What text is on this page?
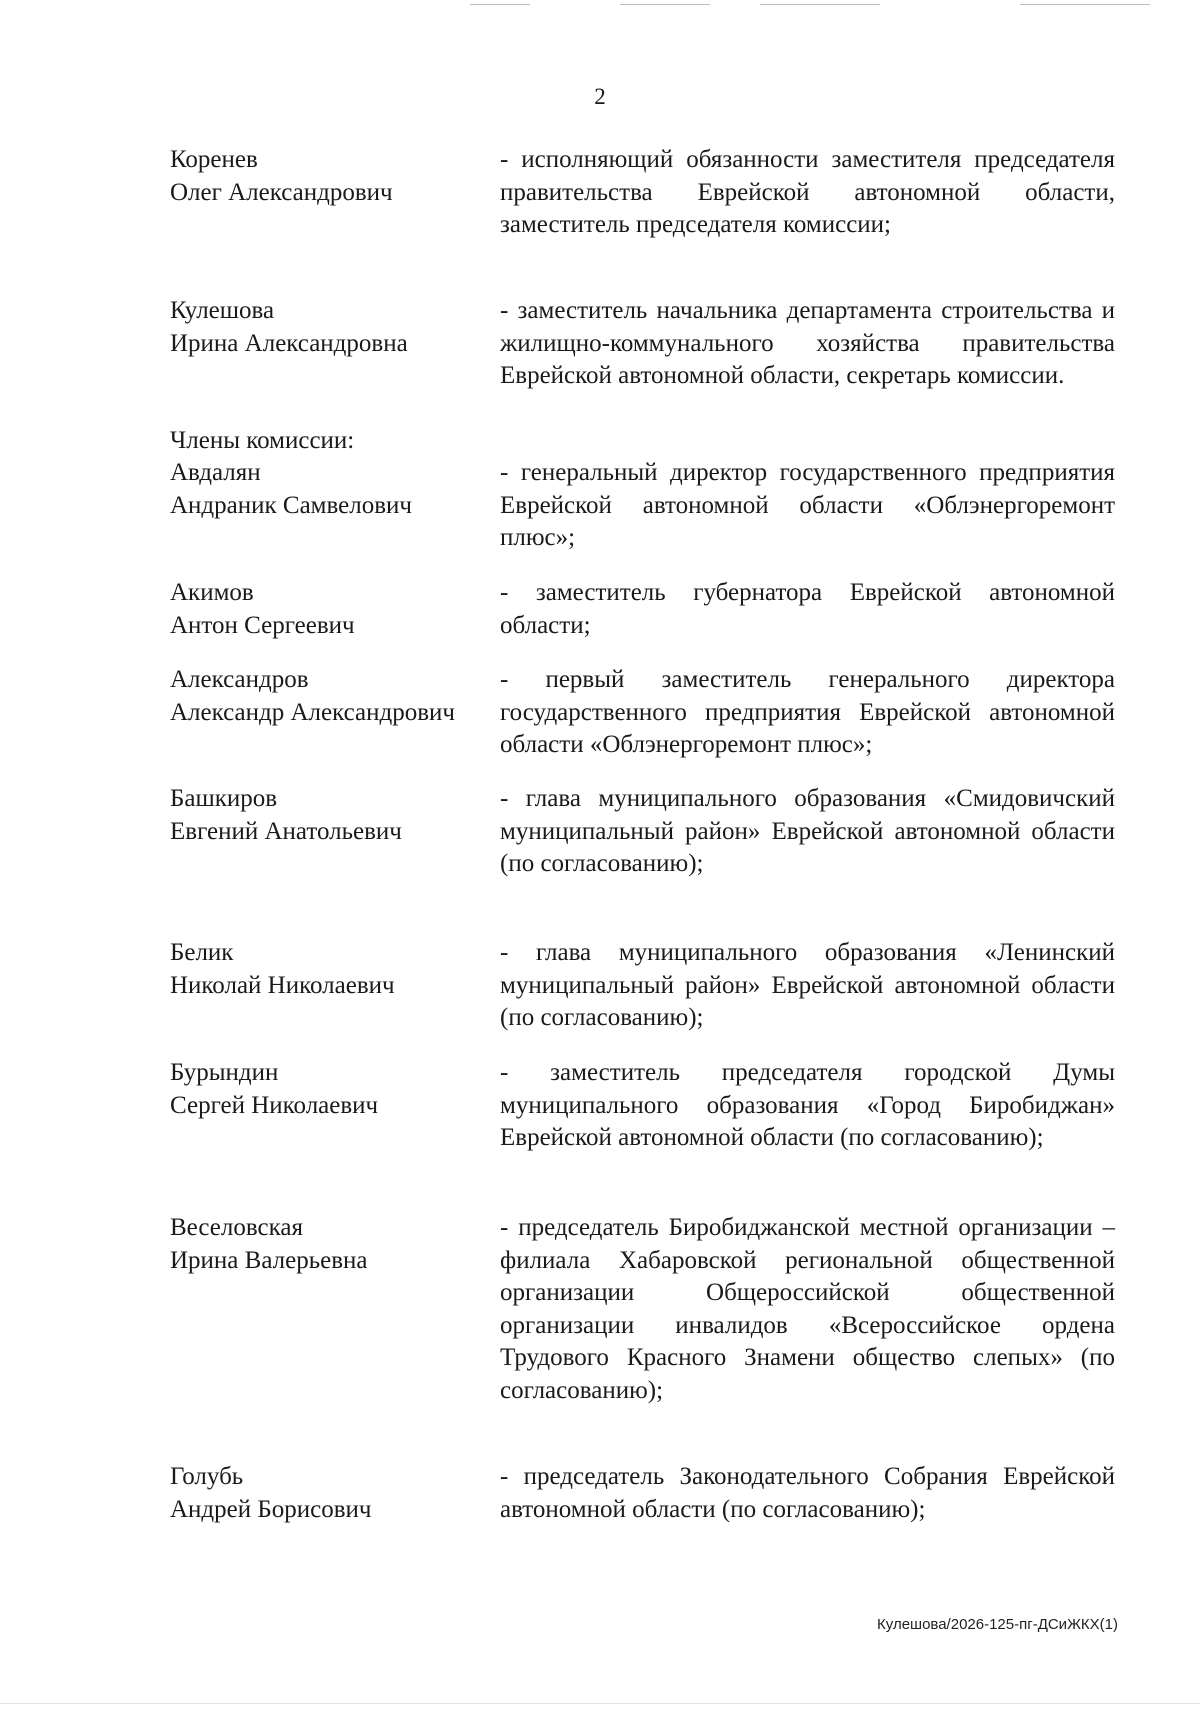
2
Коренев
Олег Александрович
- исполняющий обязанности заместителя председателя правительства Еврейской автономной области, заместитель председателя комиссии;
Кулешова
Ирина Александровна
- заместитель начальника департамента строительства и жилищно-коммунального хозяйства правительства Еврейской автономной области, секретарь комиссии.
Члены комиссии:
Авдалян
Андраник Самвелович
- генеральный директор государственного предприятия Еврейской автономной области «Облэнергоремонт плюс»;
Акимов
Антон Сергеевич
- заместитель губернатора Еврейской автономной области;
Александров
Александр Александрович
- первый заместитель генерального директора государственного предприятия Еврейской автономной области «Облэнергоремонт плюс»;
Башкиров
Евгений Анатольевич
- глава муниципального образования «Смидовичский муниципальный район» Еврейской автономной области (по согласованию);
Белик
Николай Николаевич
- глава муниципального образования «Ленинский муниципальный район» Еврейской автономной области (по согласованию);
Бурындин
Сергей Николаевич
- заместитель председателя городской Думы муниципального образования «Город Биробиджан» Еврейской автономной области (по согласованию);
Веселовская
Ирина Валерьевна
- председатель Биробиджанской местной организации – филиала Хабаровской региональной общественной организации Общероссийской общественной организации инвалидов «Всероссийское ордена Трудового Красного Знамени общество слепых» (по согласованию);
Голубь
Андрей Борисович
- председатель Законодательного Собрания Еврейской автономной области (по согласованию);
Кулешова/2026-125-пг-ДСиЖКХ(1)
